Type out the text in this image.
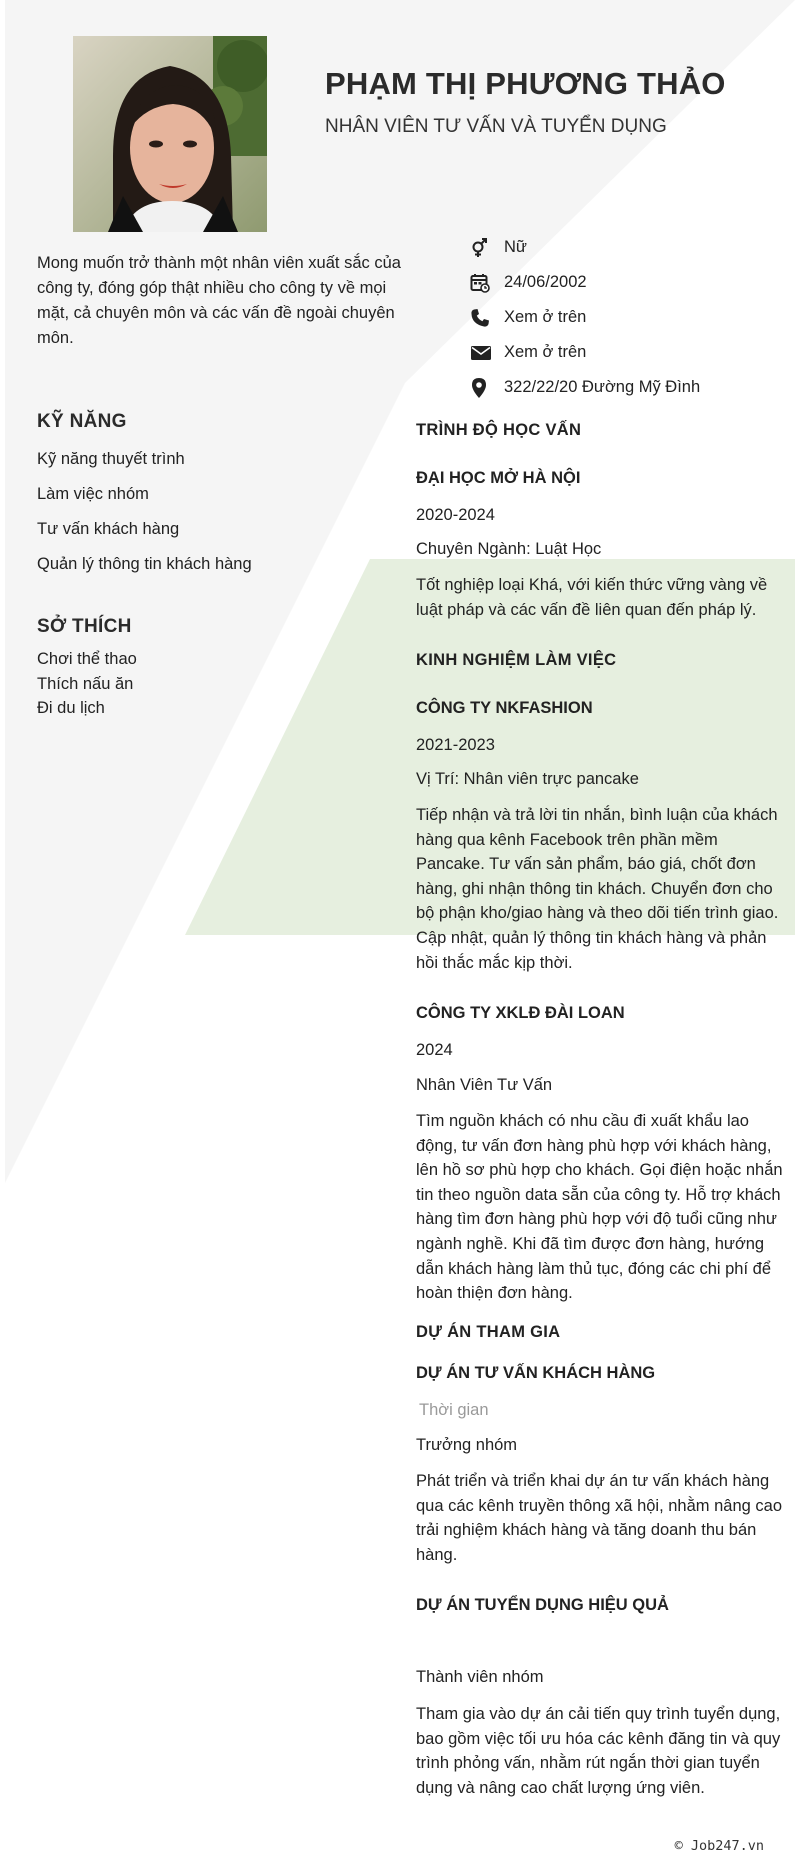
PHẠM THỊ PHƯƠNG THẢO
NHÂN VIÊN TƯ VẤN VÀ TUYỂN DỤNG
Mong muốn trở thành một nhân viên xuất sắc của công ty, đóng góp thật nhiều cho công ty về mọi mặt, cả chuyên môn và các vấn đề ngoài chuyên môn.
Nữ
24/06/2002
Xem ở trên
Xem ở trên
322/22/20 Đường Mỹ Đình
KỸ NĂNG
Kỹ năng thuyết trình
Làm việc nhóm
Tư vấn khách hàng
Quản lý thông tin khách hàng
SỞ THÍCH
Chơi thể thao
Thích nấu ăn
Đi du lịch
TRÌNH ĐỘ HỌC VẤN
ĐẠI HỌC MỞ HÀ NỘI
2020-2024
Chuyên Ngành: Luật Học
Tốt nghiệp loại Khá, với kiến thức vững vàng về luật pháp và các vấn đề liên quan đến pháp lý.
KINH NGHIỆM LÀM VIỆC
CÔNG TY NKFASHION
2021-2023
Vị Trí: Nhân viên trực pancake
Tiếp nhận và trả lời tin nhắn, bình luận của khách hàng qua kênh Facebook trên phần mềm Pancake. Tư vấn sản phẩm, báo giá, chốt đơn hàng, ghi nhận thông tin khách. Chuyển đơn cho bộ phận kho/giao hàng và theo dõi tiến trình giao. Cập nhật, quản lý thông tin khách hàng và phản hồi thắc mắc kịp thời.
CÔNG TY XKLĐ ĐÀI LOAN
2024
Nhân Viên Tư Vấn
Tìm nguồn khách có nhu cầu đi xuất khẩu lao động, tư vấn đơn hàng phù hợp với khách hàng, lên hồ sơ phù hợp cho khách. Gọi điện hoặc nhắn tin theo nguồn data sẵn của công ty. Hỗ trợ khách hàng tìm đơn hàng phù hợp với độ tuổi cũng như ngành nghề. Khi đã tìm được đơn hàng, hướng dẫn khách hàng làm thủ tục, đóng các chi phí để hoàn thiện đơn hàng.
DỰ ÁN THAM GIA
DỰ ÁN TƯ VẤN KHÁCH HÀNG
Thời gian
Trưởng nhóm
Phát triển và triển khai dự án tư vấn khách hàng qua các kênh truyền thông xã hội, nhằm nâng cao trải nghiệm khách hàng và tăng doanh thu bán hàng.
DỰ ÁN TUYỂN DỤNG HIỆU QUẢ
Thành viên nhóm
Tham gia vào dự án cải tiến quy trình tuyển dụng, bao gồm việc tối ưu hóa các kênh đăng tin và quy trình phỏng vấn, nhằm rút ngắn thời gian tuyển dụng và nâng cao chất lượng ứng viên.
© Job247.vn
